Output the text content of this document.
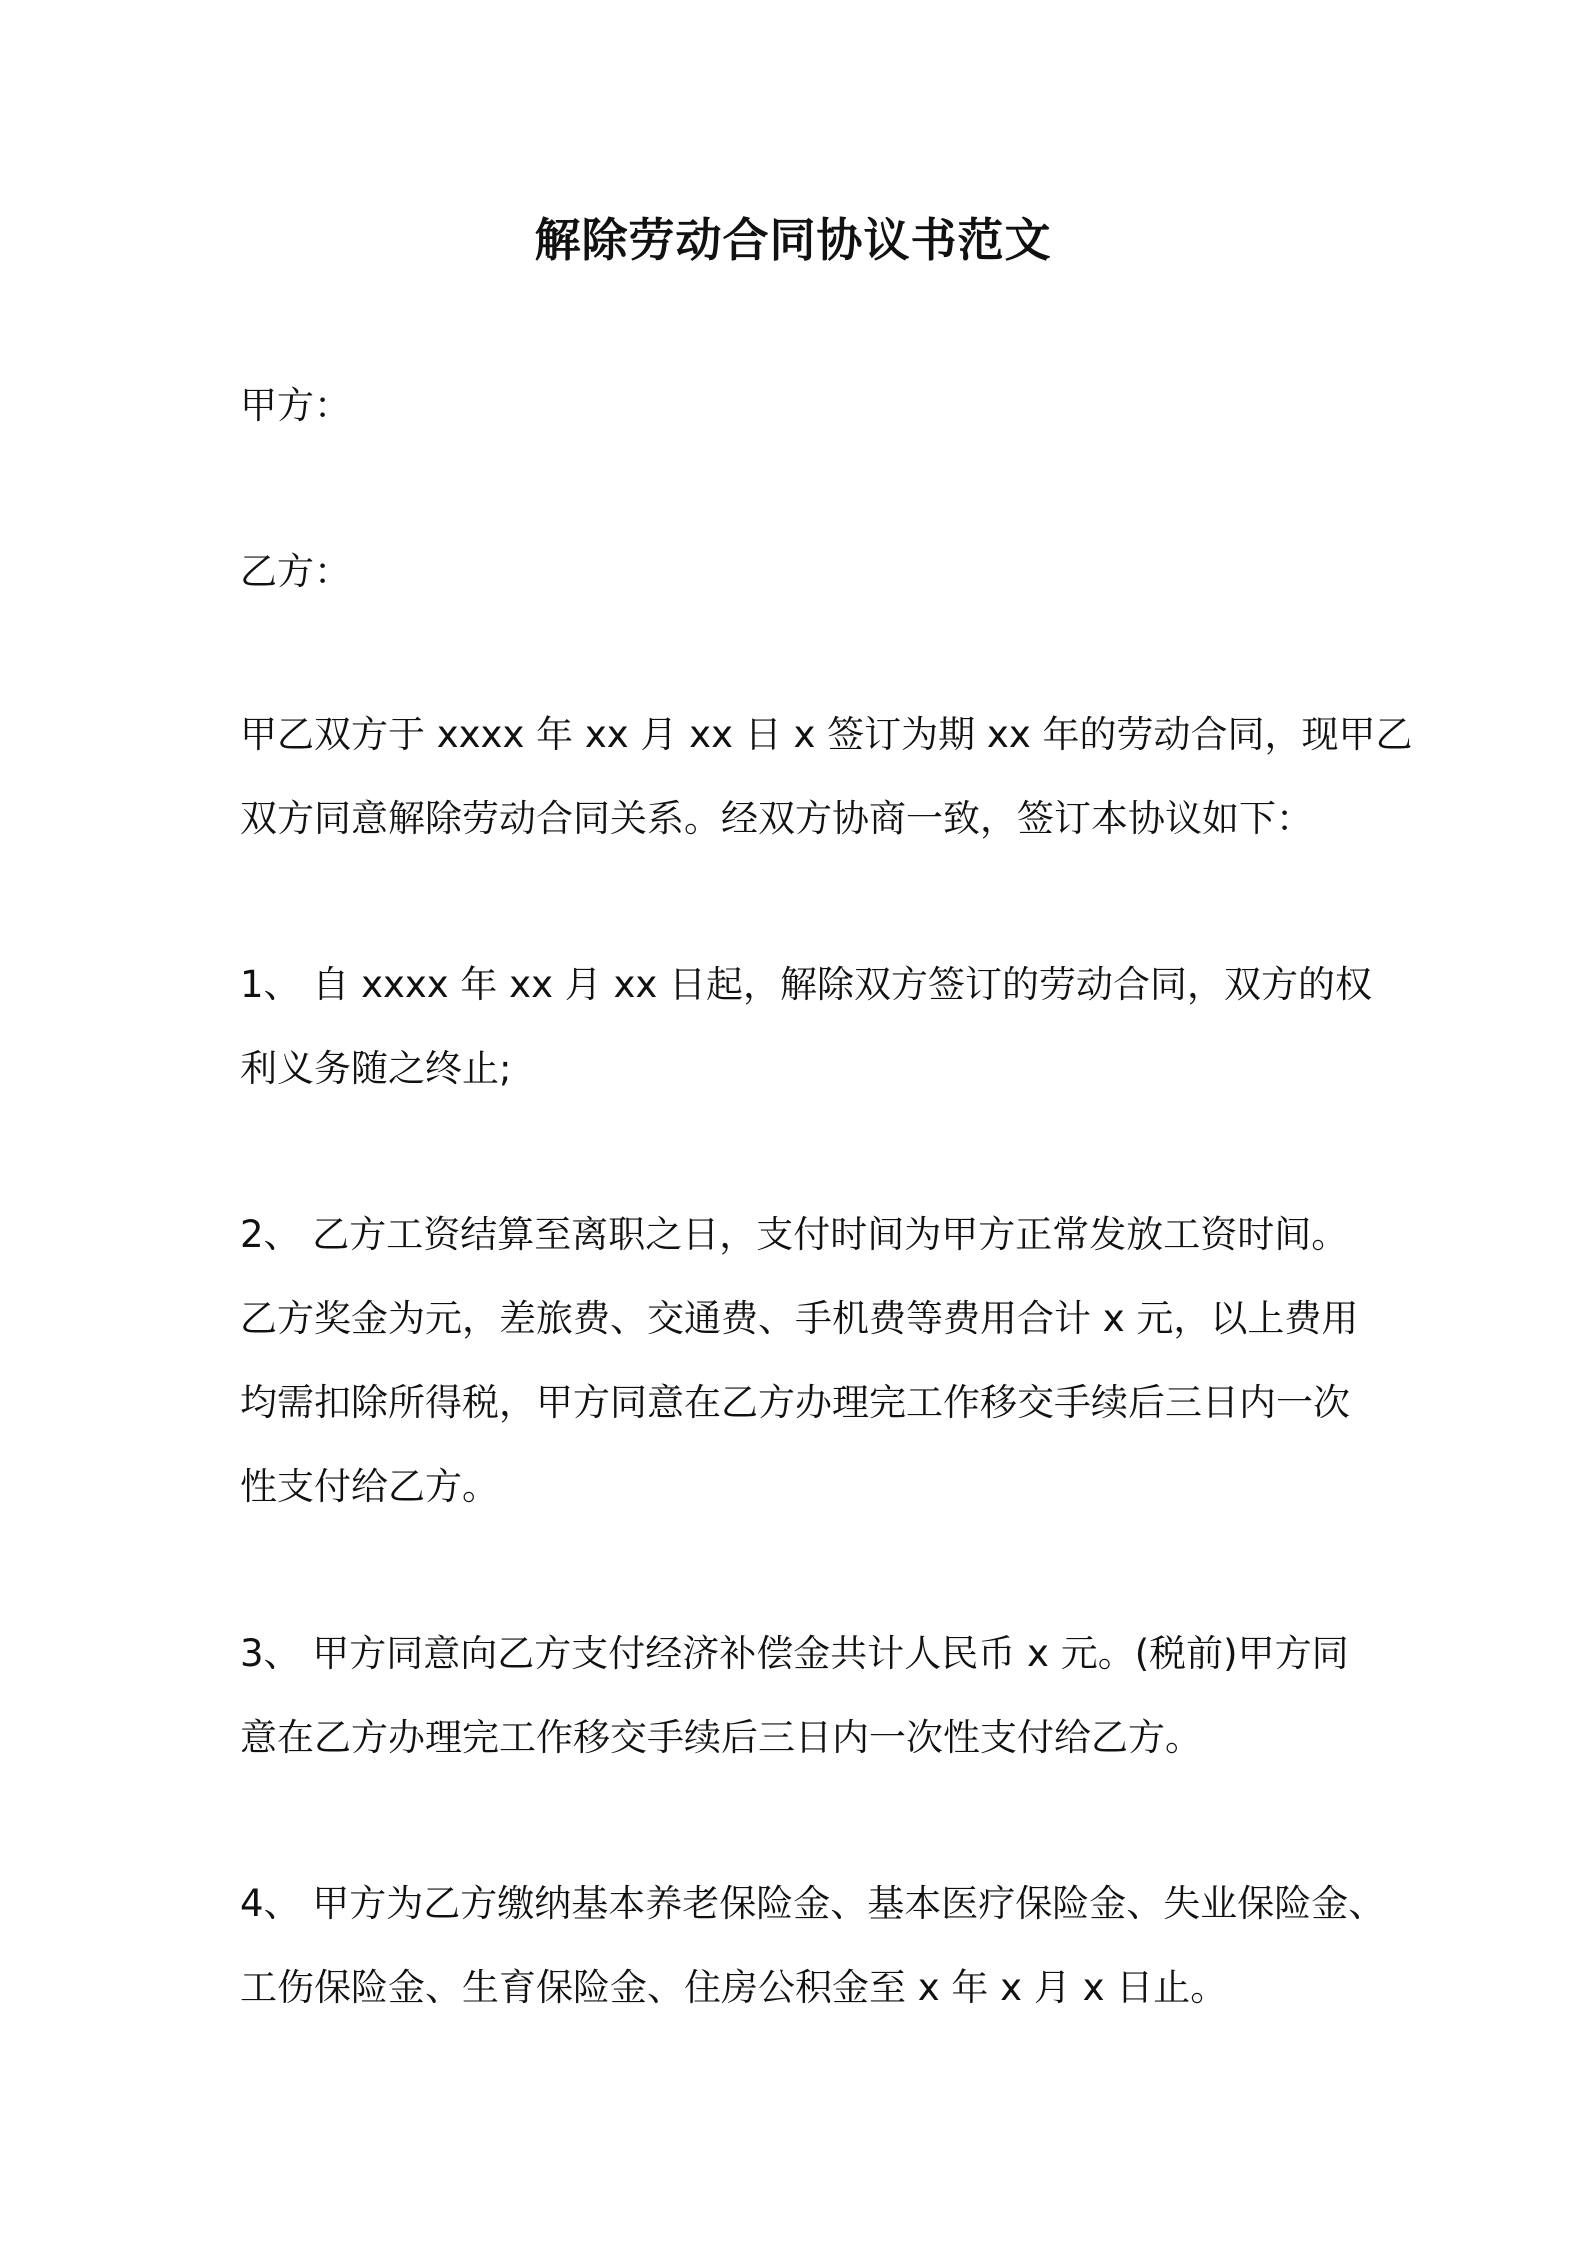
解除劳动合同协议书范文

甲方：

乙方：

甲乙双方于 xxxx 年 xx 月 xx 日 x 签订为期 xx 年的劳动合同，现甲乙
双方同意解除劳动合同关系。经双方协商一致，签订本协议如下：

1、 自 xxxx 年 xx 月 xx 日起，解除双方签订的劳动合同，双方的权
利义务随之终止;

2、 乙方工资结算至离职之日，支付时间为甲方正常发放工资时间。
乙方奖金为元，差旅费、交通费、手机费等费用合计 x 元，以上费用
均需扣除所得税，甲方同意在乙方办理完工作移交手续后三日内一次
性支付给乙方。

3、 甲方同意向乙方支付经济补偿金共计人民币 x 元。(税前)甲方同
意在乙方办理完工作移交手续后三日内一次性支付给乙方。

4、 甲方为乙方缴纳基本养老保险金、基本医疗保险金、失业保险金、
工伤保险金、生育保险金、住房公积金至 x 年 x 月 x 日止。
